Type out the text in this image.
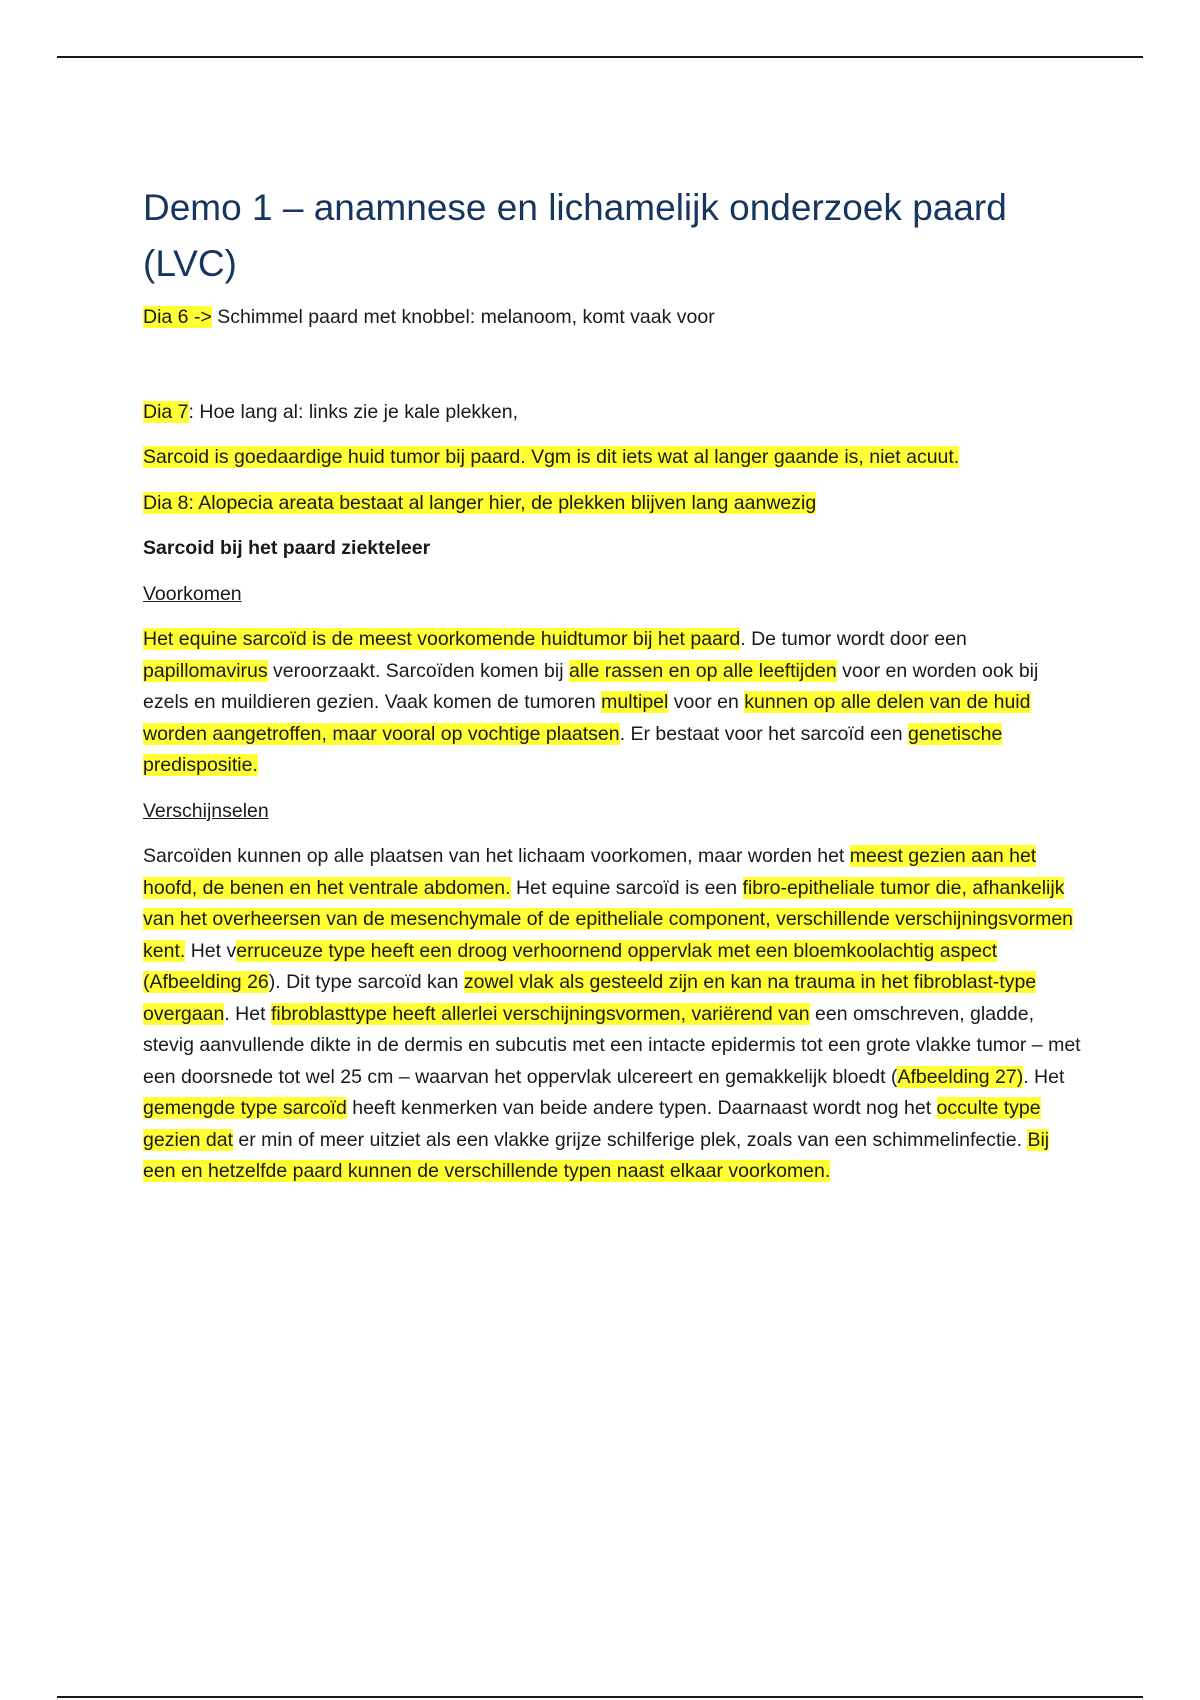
Demo 1 – anamnese en lichamelijk onderzoek paard (LVC)

Dia 6 -> Schimmel paard met knobbel: melanoom, komt vaak voor

Dia 7: Hoe lang al: links zie je kale plekken,

Sarcoid is goedaardige huid tumor bij paard. Vgm is dit iets wat al langer gaande is, niet acuut.

Dia 8: Alopecia areata bestaat al langer hier, de plekken blijven lang aanwezig

Sarcoid bij het paard ziekteleer

Voorkomen

Het equine sarcoïd is de meest voorkomende huidtumor bij het paard. De tumor wordt door een papillomavirus veroorzaakt. Sarcoïden komen bij alle rassen en op alle leeftijden voor en worden ook bij ezels en muildieren gezien. Vaak komen de tumoren multipel voor en kunnen op alle delen van de huid worden aangetroffen, maar vooral op vochtige plaatsen. Er bestaat voor het sarcoïd een genetische predispositie.

Verschijnselen

Sarcoïden kunnen op alle plaatsen van het lichaam voorkomen, maar worden het meest gezien aan het hoofd, de benen en het ventrale abdomen. Het equine sarcoïd is een fibro-epitheliale tumor die, afhankelijk van het overheersen van de mesenchymale of de epitheliale component, verschillende verschijningsvormen kent. Het verruceuze type heeft een droog verhoornend oppervlak met een bloemkoolachtig aspect (Afbeelding 26). Dit type sarcoïd kan zowel vlak als gesteeld zijn en kan na trauma in het fibroblast-type overgaan. Het fibroblasttype heeft allerlei verschijningsvormen, variërend van een omschreven, gladde, stevig aanvullende dikte in de dermis en subcutis met een intacte epidermis tot een grote vlakke tumor – met een doorsnede tot wel 25 cm – waarvan het oppervlak ulcereert en gemakkelijk bloedt (Afbeelding 27). Het gemengde type sarcoïd heeft kenmerken van beide andere typen. Daarnaast wordt nog het occulte type gezien dat er min of meer uitziet als een vlakke grijze schilferige plek, zoals van een schimmelinfectie. Bij een en hetzelfde paard kunnen de verschillende typen naast elkaar voorkomen.
